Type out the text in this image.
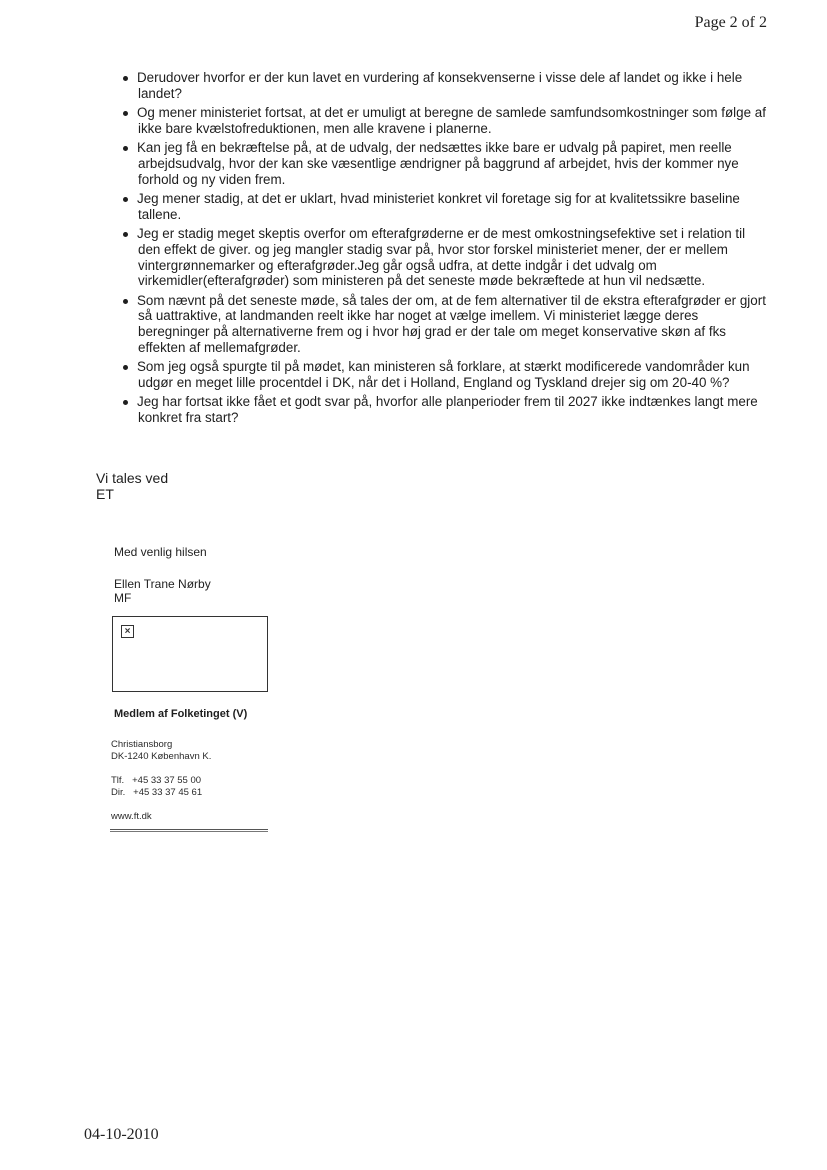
Page 2 of 2
Derudover hvorfor er der kun lavet en vurdering af konsekvenserne i visse dele af landet og ikke i hele landet?
Og mener ministeriet fortsat, at det er umuligt at beregne de samlede samfundsomkostninger som følge af ikke bare kvælstofreduktionen, men alle kravene i planerne.
Kan jeg få en bekræftelse på, at de udvalg, der nedsættes ikke bare er udvalg på papiret, men reelle arbejdsudvalg, hvor der kan ske væsentlige ændrigner på baggrund af arbejdet, hvis der kommer nye forhold og ny viden frem.
Jeg mener stadig, at det er uklart, hvad ministeriet konkret vil foretage sig for at kvalitetssikre baseline tallene.
Jeg er stadig meget skeptis overfor om efterafgrøderne er de mest omkostningsefektive set i relation til den effekt de giver. og jeg mangler stadig svar på, hvor stor forskel ministeriet mener, der er mellem vintergrønnemarker og efterafgrøder.Jeg går også udfra, at dette indgår i det udvalg om virkemidler(efterafgrøder) som ministeren på det seneste møde bekræftede at hun vil nedsætte.
Som nævnt på det seneste møde, så tales der om, at de fem alternativer til de ekstra efterafgrøder er gjort så uattraktive, at landmanden reelt ikke har noget at vælge imellem. Vi ministeriet lægge deres beregninger på alternativerne frem og i hvor høj grad er der tale om meget konservative skøn af fks effekten af mellemafgrøder.
Som jeg også spurgte til på mødet, kan ministeren så forklare, at stærkt modificerede vandområder kun udgør en meget lille procentdel i DK, når det i Holland, England og Tyskland drejer sig om 20-40 %?
Jeg har fortsat ikke fået et godt svar på, hvorfor alle planperioder frem til 2027 ikke indtænkes langt mere konkret fra start?
Vi tales ved
ET
Med venlig hilsen
Ellen Trane Nørby
MF
×
Medlem af Folketinget (V)
Christiansborg
DK-1240 København K.
Tlf.   +45 33 37 55 00
Dir.   +45 33 37 45 61
www.ft.dk
04-10-2010
